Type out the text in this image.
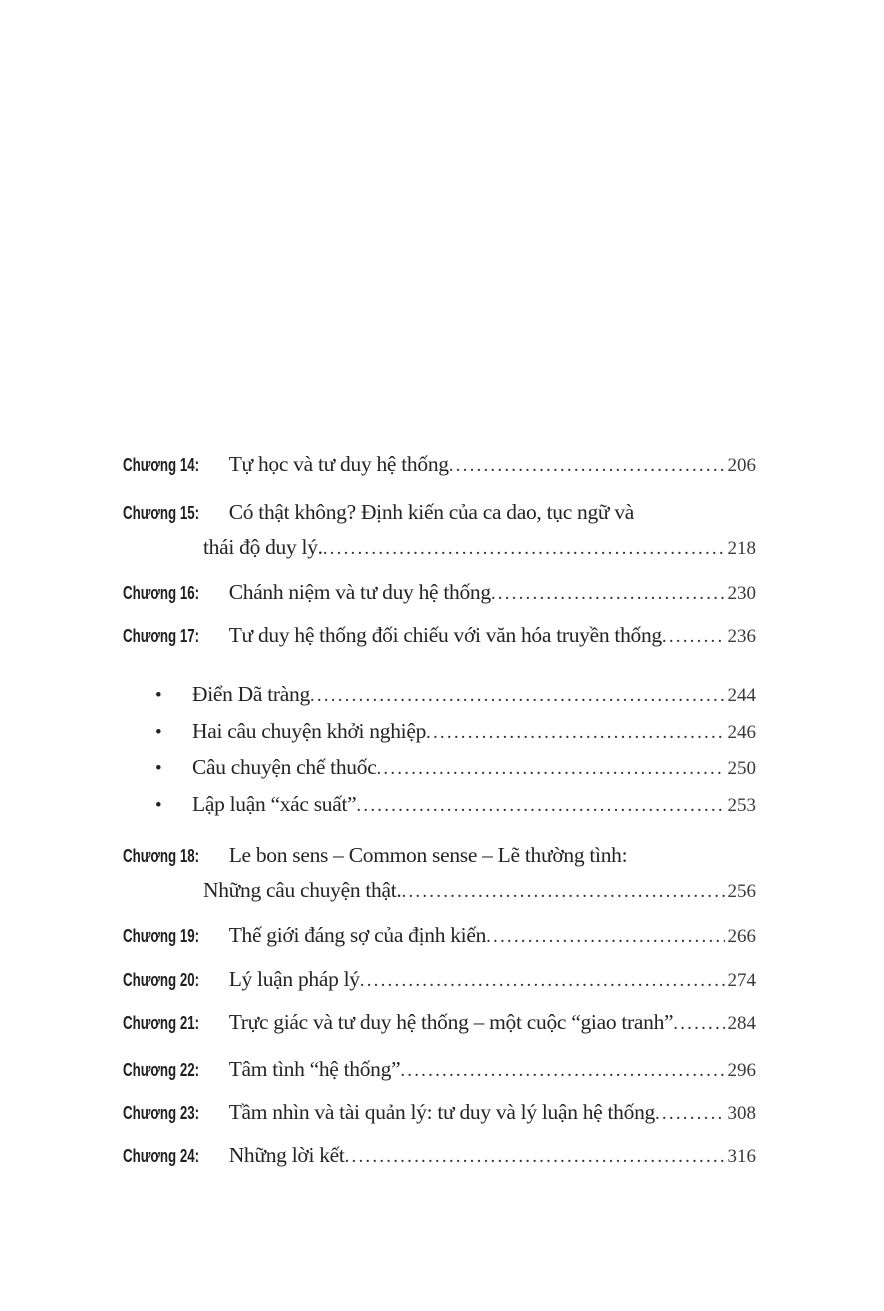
Chương 14:	Tự học và tư duy hệ thống .....	206
Chương 15:	Có thật không? Định kiến của ca dao, tục ngữ và
thái độ duy lý. .....	218
Chương 16:	Chánh niệm và tư duy hệ thống .....	230
Chương 17:	Tư duy hệ thống đối chiếu với văn hóa truyền thống .....	236
•	Điển Dã tràng .....	244
•	Hai câu chuyện khởi nghiệp .....	246
•	Câu chuyện chế thuốc .....	250
•	Lập luận “xác suất” .....	253
Chương 18:	Le bon sens – Common sense – Lẽ thường tình:
Những câu chuyện thật. .....	256
Chương 19:	Thế giới đáng sợ của định kiến .....	266
Chương 20:	Lý luận pháp lý .....	274
Chương 21:	Trực giác và tư duy hệ thống – một cuộc “giao tranh” .....	284
Chương 22:	Tâm tình “hệ thống” .....	296
Chương 23:	Tầm nhìn và tài quản lý: tư duy và lý luận hệ thống .....	308
Chương 24:	Những lời kết .....	316
